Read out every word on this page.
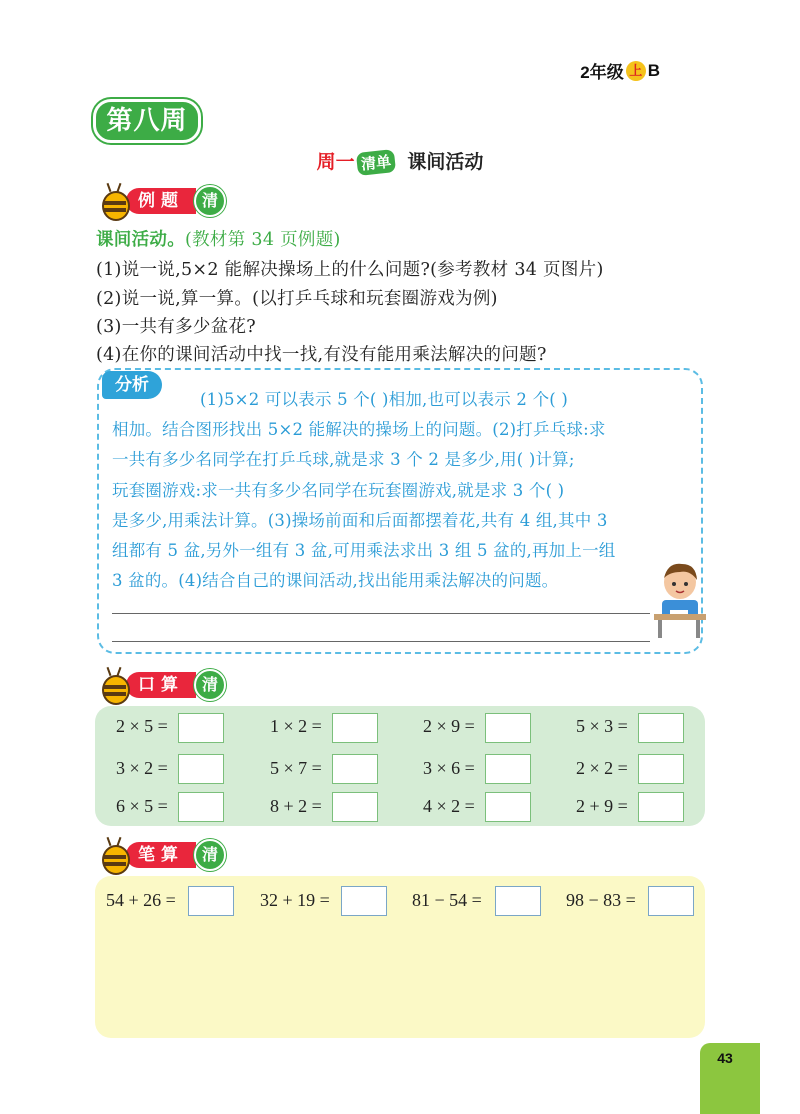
2年级 上 B
第八周
周一 清单 课间活动
例题	清
课间活动。(教材第 34 页例题)
(1)说一说,5×2 能解决操场上的什么问题?(参考教材 34 页图片)
(2)说一说,算一算。(以打乒乓球和玩套圈游戏为例)
(3)一共有多少盆花?
(4)在你的课间活动中找一找,有没有能用乘法解决的问题?
分析
(1)5×2 可以表示 5 个( )相加,也可以表示 2 个( )
相加。结合图形找出 5×2 能解决的操场上的问题。(2)打乒乓球:求
一共有多少名同学在打乒乓球,就是求 3 个 2 是多少,用( )计算;
玩套圈游戏:求一共有多少名同学在玩套圈游戏,就是求 3 个( )
是多少,用乘法计算。(3)操场前面和后面都摆着花,共有 4 组,其中 3
组都有 5 盆,另外一组有 3 盆,可用乘法求出 3 组 5 盆的,再加上一组
3 盆的。(4)结合自己的课间活动,找出能用乘法解决的问题。
口算	清
2 × 5 =	1 × 2 =	2 × 9 =	5 × 3 =
3 × 2 =	5 × 7 =	3 × 6 =	2 × 2 =
6 × 5 =	8 + 2 =	4 × 2 =	2 + 9 =
笔算	清
54 + 26 =	32 + 19 =	81 − 54 =	98 − 83 =
43
